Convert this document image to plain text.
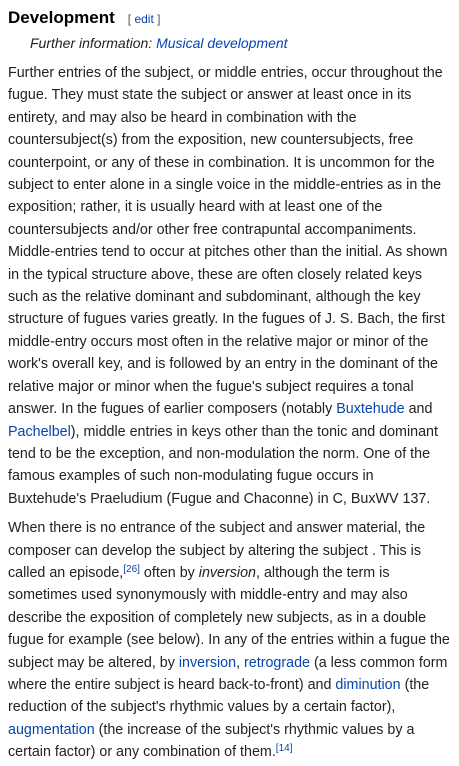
Development [ edit ]
Further information: Musical development

Further entries of the subject, or middle entries, occur throughout the fugue. They must state the subject or answer at least once in its entirety, and may also be heard in combination with the countersubject(s) from the exposition, new countersubjects, free counterpoint, or any of these in combination. It is uncommon for the subject to enter alone in a single voice in the middle-entries as in the exposition; rather, it is usually heard with at least one of the countersubjects and/or other free contrapuntal accompaniments. Middle-entries tend to occur at pitches other than the initial. As shown in the typical structure above, these are often closely related keys such as the relative dominant and subdominant, although the key structure of fugues varies greatly. In the fugues of J. S. Bach, the first middle-entry occurs most often in the relative major or minor of the work's overall key, and is followed by an entry in the dominant of the relative major or minor when the fugue's subject requires a tonal answer. In the fugues of earlier composers (notably Buxtehude and Pachelbel), middle entries in keys other than the tonic and dominant tend to be the exception, and non-modulation the norm. One of the famous examples of such non-modulating fugue occurs in Buxtehude's Praeludium (Fugue and Chaconne) in C, BuxWV 137.

When there is no entrance of the subject and answer material, the composer can develop the subject by altering the subject . This is called an episode,[26] often by inversion, although the term is sometimes used synonymously with middle-entry and may also describe the exposition of completely new subjects, as in a double fugue for example (see below). In any of the entries within a fugue the subject may be altered, by inversion, retrograde (a less common form where the entire subject is heard back-to-front) and diminution (the reduction of the subject's rhythmic values by a certain factor), augmentation (the increase of the subject's rhythmic values by a certain factor) or any combination of them.[14]
